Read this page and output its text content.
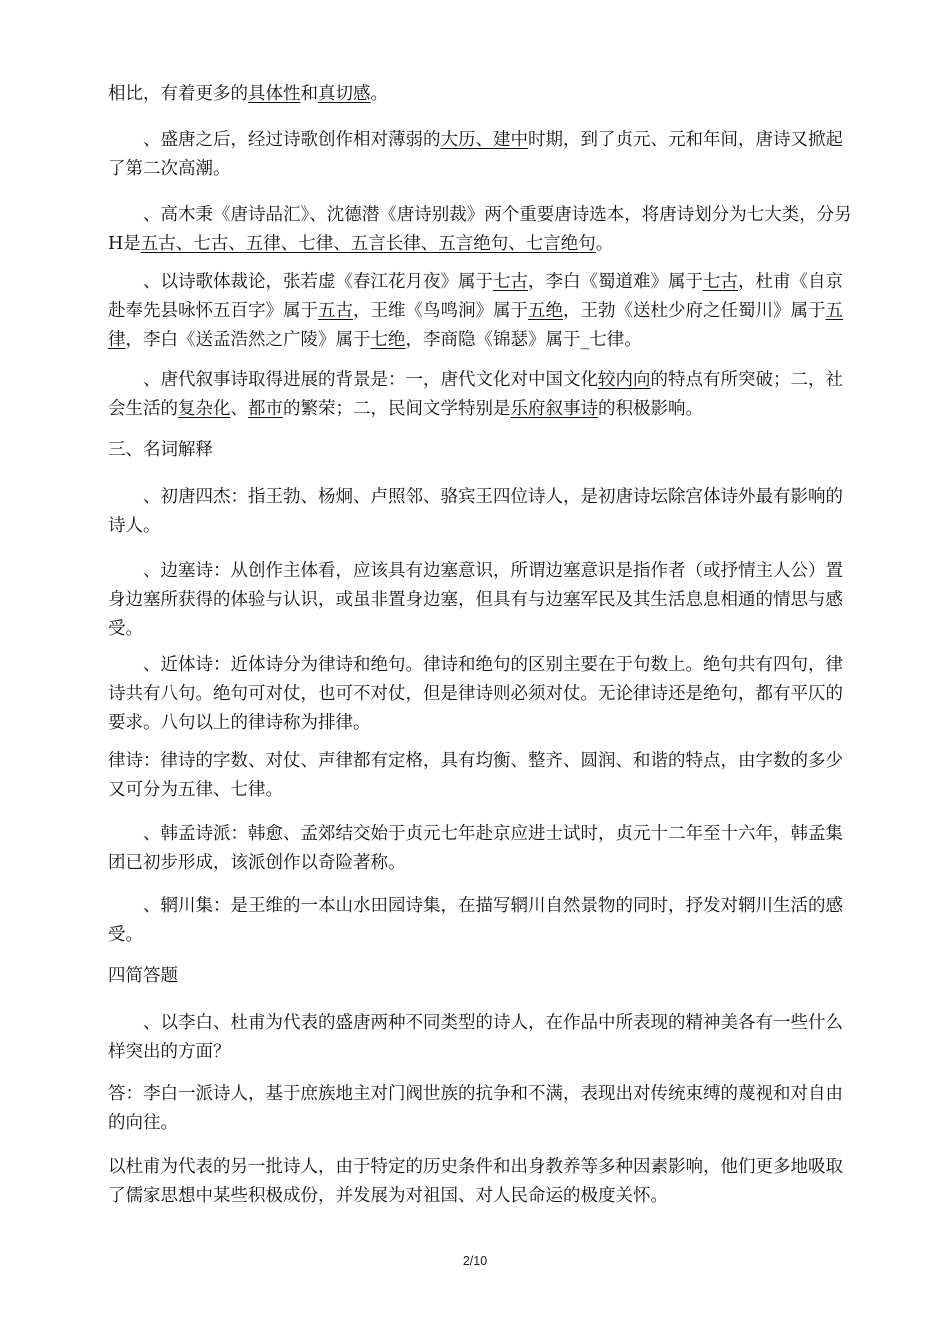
相比，有着更多的具体性和真切感。

、盛唐之后，经过诗歌创作相对薄弱的大历、建中时期，到了贞元、元和年间，唐诗又掀起了第二次高潮。

、高木秉《唐诗品汇》、沈德潜《唐诗别裁》两个重要唐诗选本，将唐诗划分为七大类，分另H是五古、七古、五律、七律、五言长律、五言绝句、七言绝句。

、以诗歌体裁论，张若虚《春江花月夜》属于七古，李白《蜀道难》属于七古，杜甫《自京赴奉先县咏怀五百字》属于五古，王维《鸟鸣涧》属于五绝，王勃《送杜少府之任蜀川》属于五律，李白《送孟浩然之广陵》属于七绝，李商隐《锦瑟》属于_七律。

、唐代叙事诗取得进展的背景是：一，唐代文化对中国文化较内向的特点有所突破；二，社会生活的复杂化、都市的繁荣；二，民间文学特别是乐府叙事诗的积极影响。

三、名词解释

、初唐四杰：指王勃、杨炯、卢照邻、骆宾王四位诗人，是初唐诗坛除宫体诗外最有影响的诗人。

、边塞诗：从创作主体看，应该具有边塞意识，所谓边塞意识是指作者（或抒情主人公）置身边塞所获得的体验与认识，或虽非置身边塞，但具有与边塞军民及其生活息息相通的情思与感受。

、近体诗：近体诗分为律诗和绝句。律诗和绝句的区别主要在于句数上。绝句共有四句，律诗共有八句。绝句可对仗，也可不对仗，但是律诗则必须对仗。无论律诗还是绝句，都有平仄的要求。八句以上的律诗称为排律。

律诗：律诗的字数、对仗、声律都有定格，具有均衡、整齐、圆润、和谐的特点，由字数的多少又可分为五律、七律。

、韩孟诗派：韩愈、孟郊结交始于贞元七年赴京应进士试时，贞元十二年至十六年，韩孟集团已初步形成，该派创作以奇险著称。

、辋川集：是王维的一本山水田园诗集，在描写辋川自然景物的同时，抒发对辋川生活的感受。

四简答题

、以李白、杜甫为代表的盛唐两种不同类型的诗人，在作品中所表现的精神美各有一些什么样突出的方面？

答：李白一派诗人，基于庶族地主对门阀世族的抗争和不满，表现出对传统束缚的蔑视和对自由的向往。

以杜甫为代表的另一批诗人，由于特定的历史条件和出身教养等多种因素影响，他们更多地吸取了儒家思想中某些积极成份，并发展为对祖国、对人民命运的极度关怀。

2/10
